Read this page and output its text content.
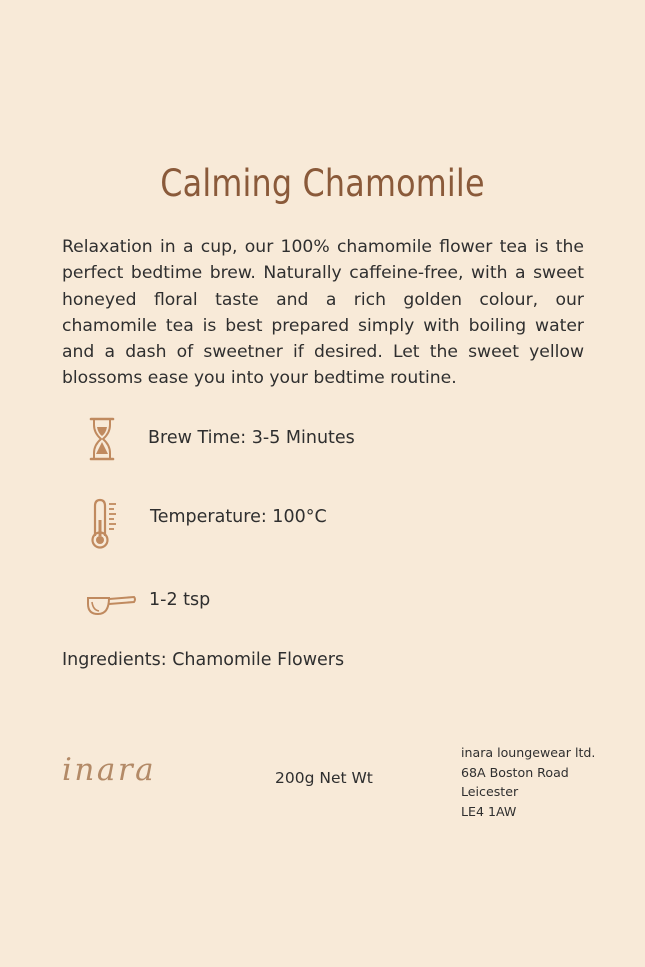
Calming Chamomile
Relaxation in a cup, our 100% chamomile flower tea is the perfect bedtime brew. Naturally caffeine-free, with a sweet honeyed floral taste and a rich golden colour, our chamomile tea is best prepared simply with boiling water and a dash of sweetner if desired. Let the sweet yellow blossoms ease you into your bedtime routine.
Brew Time: 3-5 Minutes
Temperature: 100°C
1-2 tsp
Ingredients: Chamomile Flowers
inara	200g Net Wt
inara loungewear ltd.
68A Boston Road
Leicester
LE4 1AW
